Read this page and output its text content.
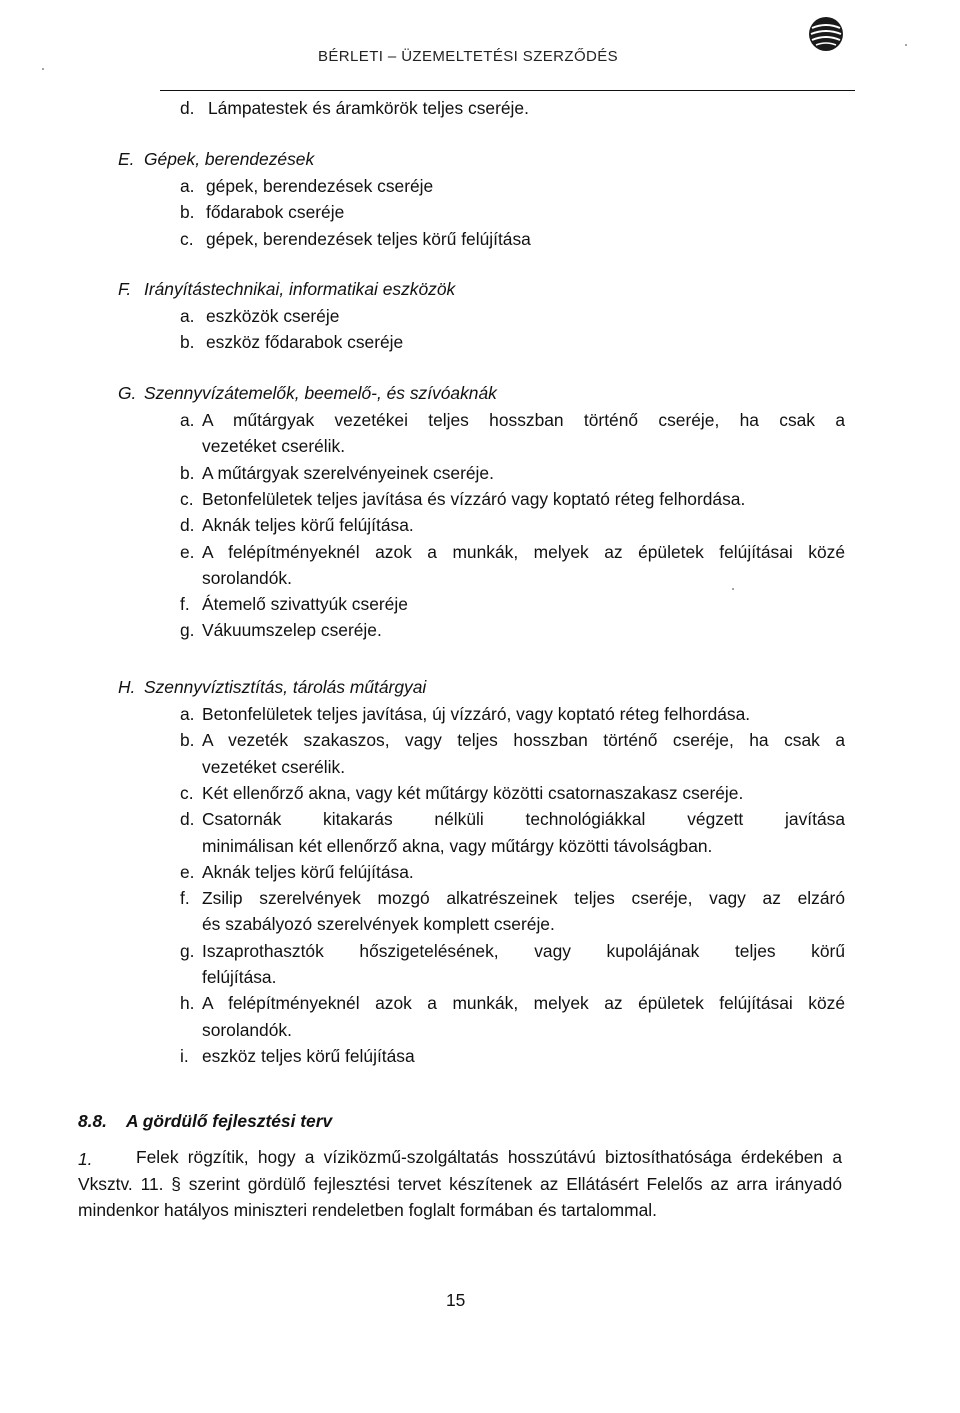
BÉRLETI – ÜZEMELTETÉSI SZERZŐDÉS
d. Lámpatestek és áramkörök teljes cseréje.
E. Gépek, berendezések
a. gépek, berendezések cseréje
b. fődarabok cseréje
c. gépek, berendezések teljes körű felújítása
F. Irányítástechnikai, informatikai eszközök
a. eszközök cseréje
b. eszköz fődarabok cseréje
G. Szennyvízátemelők, beemelő-, és szívóaknák
a. A műtárgyak vezetékei teljes hosszban történő cseréje, ha csak a
vezetéket cserélik.
b. A műtárgyak szerelvényeinek cseréje.
c. Betonfelületek teljes javítása és vízzáró vagy koptató réteg felhordása.
d. Aknák teljes körű felújítása.
e. A felépítményeknél azok a munkák, melyek az épületek felújításai közé
sorolandók.
f. Átemelő szivattyúk cseréje
g. Vákuumszelep cseréje.
H. Szennyvíztisztítás, tárolás műtárgyai
a. Betonfelületek teljes javítása, új vízzáró, vagy koptató réteg felhordása.
b. A vezeték szakaszos, vagy teljes hosszban történő cseréje, ha csak a
vezetéket cserélik.
c. Két ellenőrző akna, vagy két műtárgy közötti csatornaszakasz cseréje.
d. Csatornák kitakarás nélküli technológiákkal végzett javítása
minimálisan két ellenőrző akna, vagy műtárgy közötti távolságban.
e. Aknák teljes körű felújítása.
f. Zsilip szerelvények mozgó alkatrészeinek teljes cseréje, vagy az elzáró
és szabályozó szerelvények komplett cseréje.
g. Iszaprothasztók hőszigetelésének, vagy kupolájának teljes körű
felújítása.
h. A felépítményeknél azok a munkák, melyek az épületek felújításai közé
sorolandók.
i. eszköz teljes körű felújítása
8.8. A gördülő fejlesztési terv
1.	Felek rögzítik, hogy a víziközmű-szolgáltatás hosszútávú biztosíthatósága érdekében a Vksztv. 11. § szerint gördülő fejlesztési tervet készítenek az Ellátásért Felelős az arra irányadó mindenkor hatályos miniszteri rendeletben foglalt formában és tartalommal.
15
